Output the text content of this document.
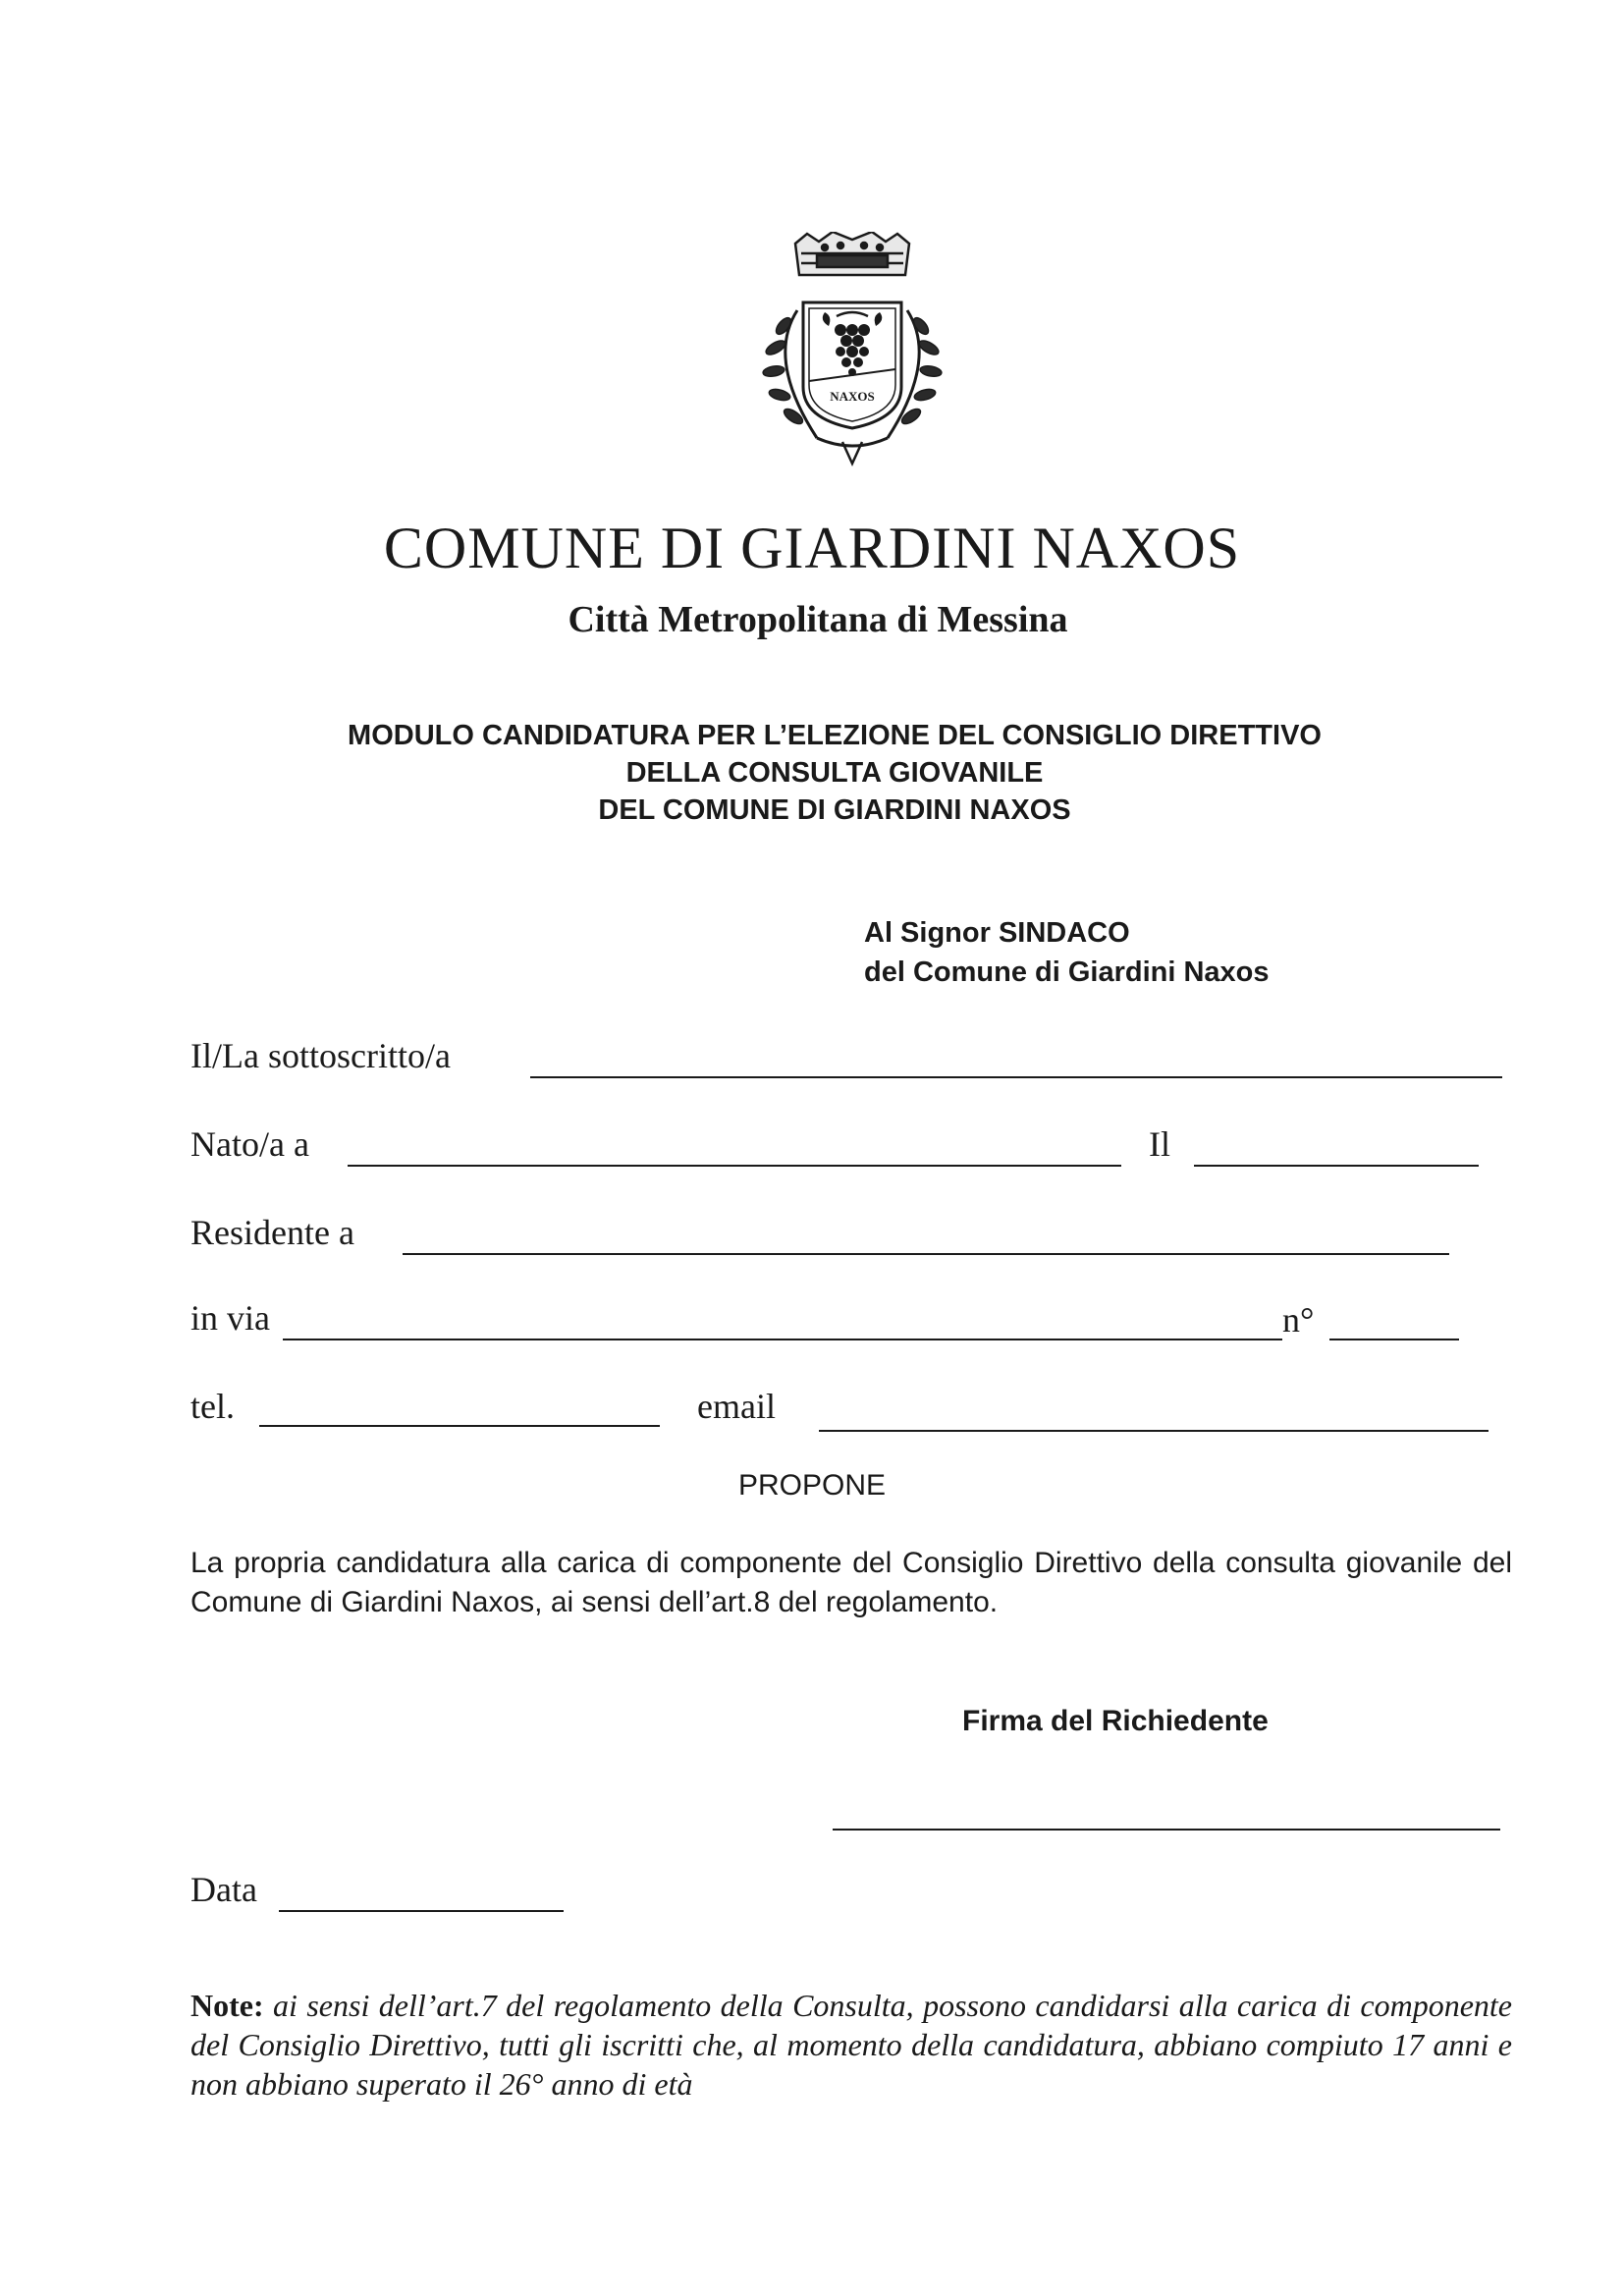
NAXOS
COMUNE DI GIARDINI NAXOS
Città Metropolitana di Messina
MODULO CANDIDATURA PER L’ELEZIONE DEL CONSIGLIO DIRETTIVO
DELLA CONSULTA GIOVANILE
DEL COMUNE DI GIARDINI NAXOS
Al Signor SINDACO
del Comune di Giardini Naxos
Il/La sottoscritto/a
Nato/a a	Il
Residente a
in via	n°
tel.	email
PROPONE
La propria candidatura alla carica di componente del Consiglio Direttivo della consulta giovanile del Comune di Giardini Naxos, ai sensi dell’art.8 del regolamento.
Firma del Richiedente
Data
Note: ai sensi dell’art.7 del regolamento della Consulta, possono candidarsi alla carica di componente del Consiglio Direttivo, tutti gli iscritti che, al momento della candidatura, abbiano compiuto 17 anni e non abbiano superato il 26° anno di età
